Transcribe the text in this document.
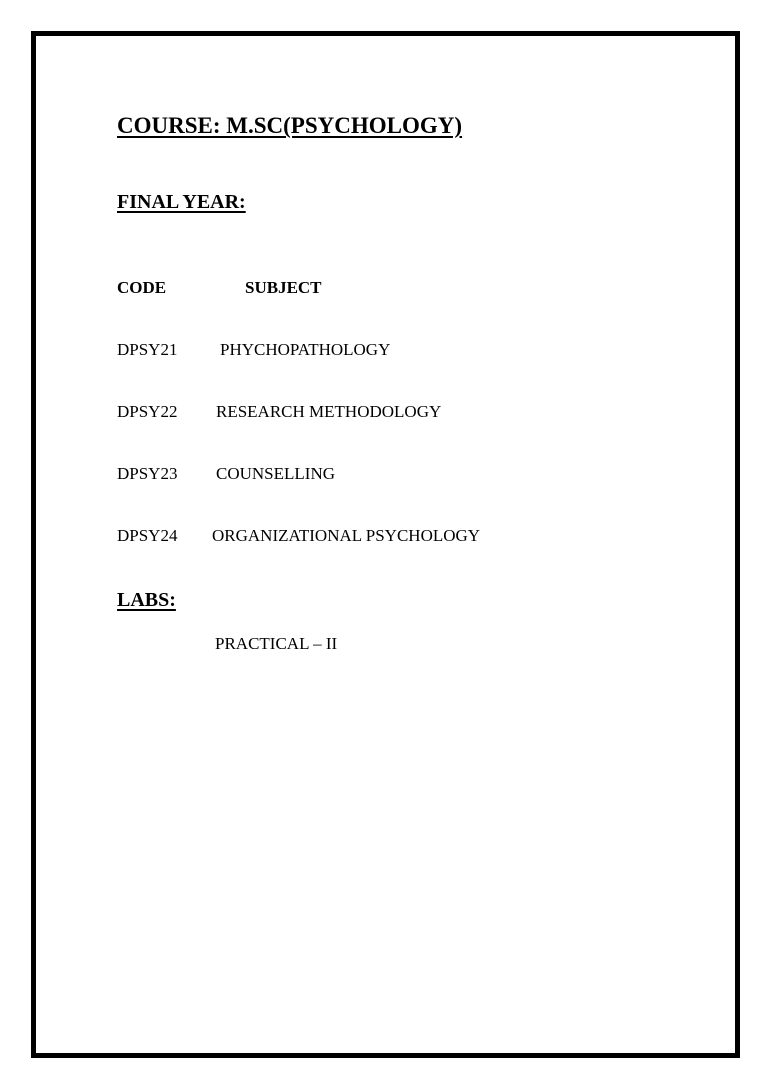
COURSE: M.SC(PSYCHOLOGY)
FINAL YEAR:
CODE	SUBJECT
DPSY21	PHYCHOPATHOLOGY
DPSY22 RESEARCH METHODOLOGY
DPSY23 COUNSELLING
DPSY24 ORGANIZATIONAL PSYCHOLOGY
LABS:
PRACTICAL – II
